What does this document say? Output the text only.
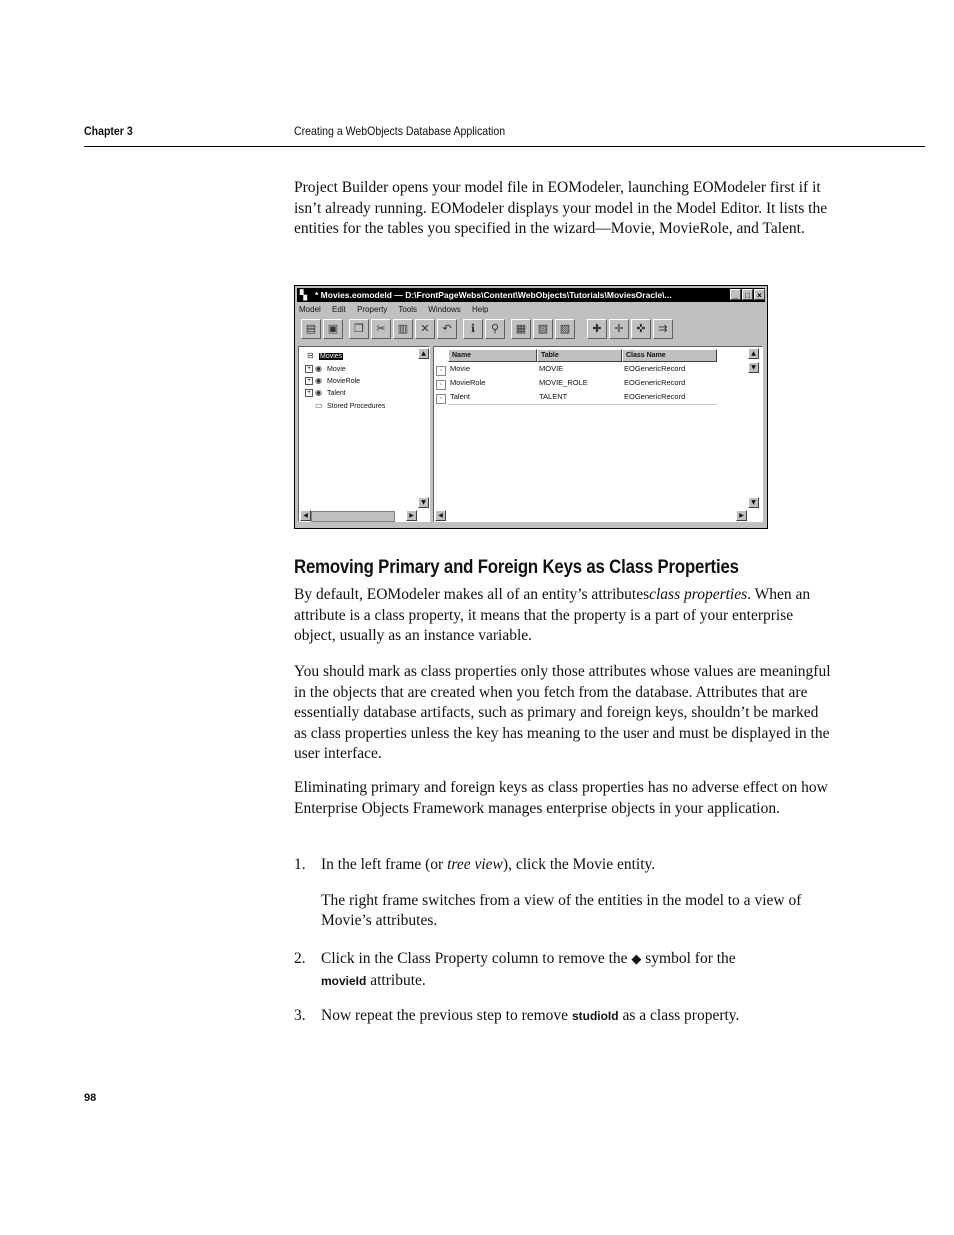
Chapter 3	Creating a WebObjects Database Application

Project Builder opens your model file in EOModeler, launching EOModeler first if it isn’t already running. EOModeler displays your model in the Model Editor. It lists the entities for the tables you specified in the wizard—Movie, MovieRole, and Talent.

▚ * Movies.eomodeld — D:\FrontPageWebs\Content\WebObjects\Tutorials\MoviesOracle\...	_ □ ×
Model Edit Property Tools Windows Help
▤	▣	❐	✂	▥	✕	↶	ℹ	⚲	▦	▧	▨	✚	✛	✜	⇉
⊟ Movies
+ ◉ Movie
+ ◉ MovieRole
+ ◉ Talent
▭ Stored Procedures
▲
▼
◀	▶
Name	Table	Class Name
▫	Movie	MOVIE	EOGenericRecord
▫	MovieRole	MOVIE_ROLE	EOGenericRecord
▫	Talent	TALENT	EOGenericRecord
▲
▼
▼
◀	▶
Removing Primary and Foreign Keys as Class Properties

By default, EOModeler makes all of an entity’s attributesclass properties. When an attribute is a class property, it means that the property is a part of your enterprise object, usually as an instance variable.

You should mark as class properties only those attributes whose values are meaningful in the objects that are created when you fetch from the database. Attributes that are essentially database artifacts, such as primary and foreign keys, shouldn’t be marked as class properties unless the key has meaning to the user and must be displayed in the user interface.

Eliminating primary and foreign keys as class properties has no adverse effect on how Enterprise Objects Framework manages enterprise objects in your application.

1. In the left frame (or tree view), click the Movie entity.
The right frame switches from a view of the entities in the model to a view of Movie’s attributes.
2. Click in the Class Property column to remove the ◆ symbol for the
movieId attribute.
3. Now repeat the previous step to remove studioId as a class property.
98
